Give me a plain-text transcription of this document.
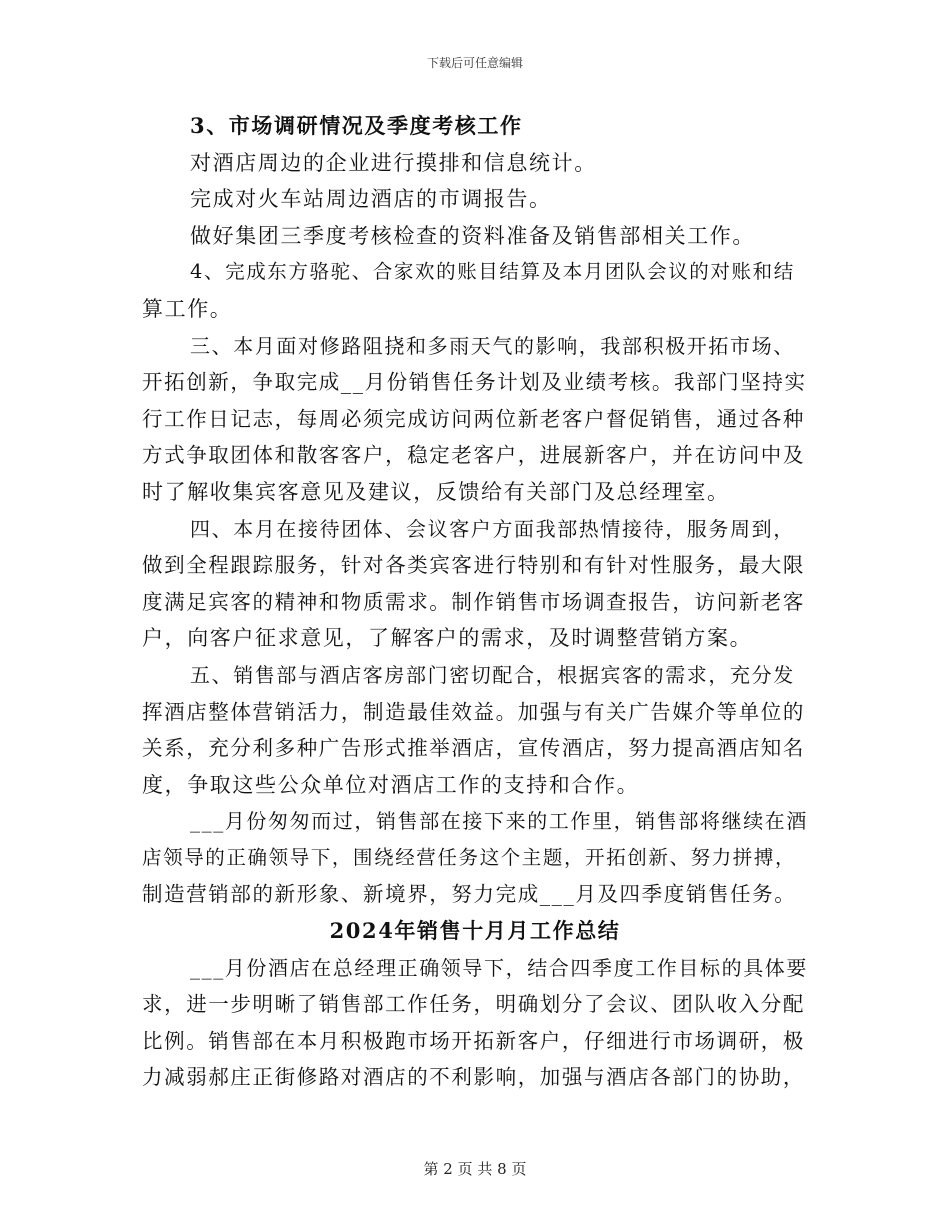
下载后可任意编辑
3、市场调研情况及季度考核工作
对酒店周边的企业进行摸排和信息统计。
完成对火车站周边酒店的市调报告。
做好集团三季度考核检查的资料准备及销售部相关工作。
4、完成东方骆驼、合家欢的账目结算及本月团队会议的对账和结
算工作。
三、本月面对修路阻挠和多雨天气的影响，我部积极开拓市场、
开拓创新，争取完成__月份销售任务计划及业绩考核。我部门坚持实
行工作日记志，每周必须完成访问两位新老客户督促销售，通过各种
方式争取团体和散客客户，稳定老客户，进展新客户，并在访问中及
时了解收集宾客意见及建议，反馈给有关部门及总经理室。
四、本月在接待团体、会议客户方面我部热情接待，服务周到，
做到全程跟踪服务，针对各类宾客进行特别和有针对性服务，最大限
度满足宾客的精神和物质需求。制作销售市场调查报告，访问新老客
户，向客户征求意见，了解客户的需求，及时调整营销方案。
五、销售部与酒店客房部门密切配合，根据宾客的需求，充分发
挥酒店整体营销活力，制造最佳效益。加强与有关广告媒介等单位的
关系，充分利多种广告形式推举酒店，宣传酒店，努力提高酒店知名
度，争取这些公众单位对酒店工作的支持和合作。
___月份匆匆而过，销售部在接下来的工作里，销售部将继续在酒
店领导的正确领导下，围绕经营任务这个主题，开拓创新、努力拼搏，
制造营销部的新形象、新境界，努力完成___月及四季度销售任务。
2024年销售十月月工作总结
___月份酒店在总经理正确领导下，结合四季度工作目标的具体要
求，进一步明晰了销售部工作任务，明确划分了会议、团队收入分配
比例。销售部在本月积极跑市场开拓新客户，仔细进行市场调研，极
力减弱郝庄正街修路对酒店的不利影响，加强与酒店各部门的协助，
第 2 页 共 8 页
